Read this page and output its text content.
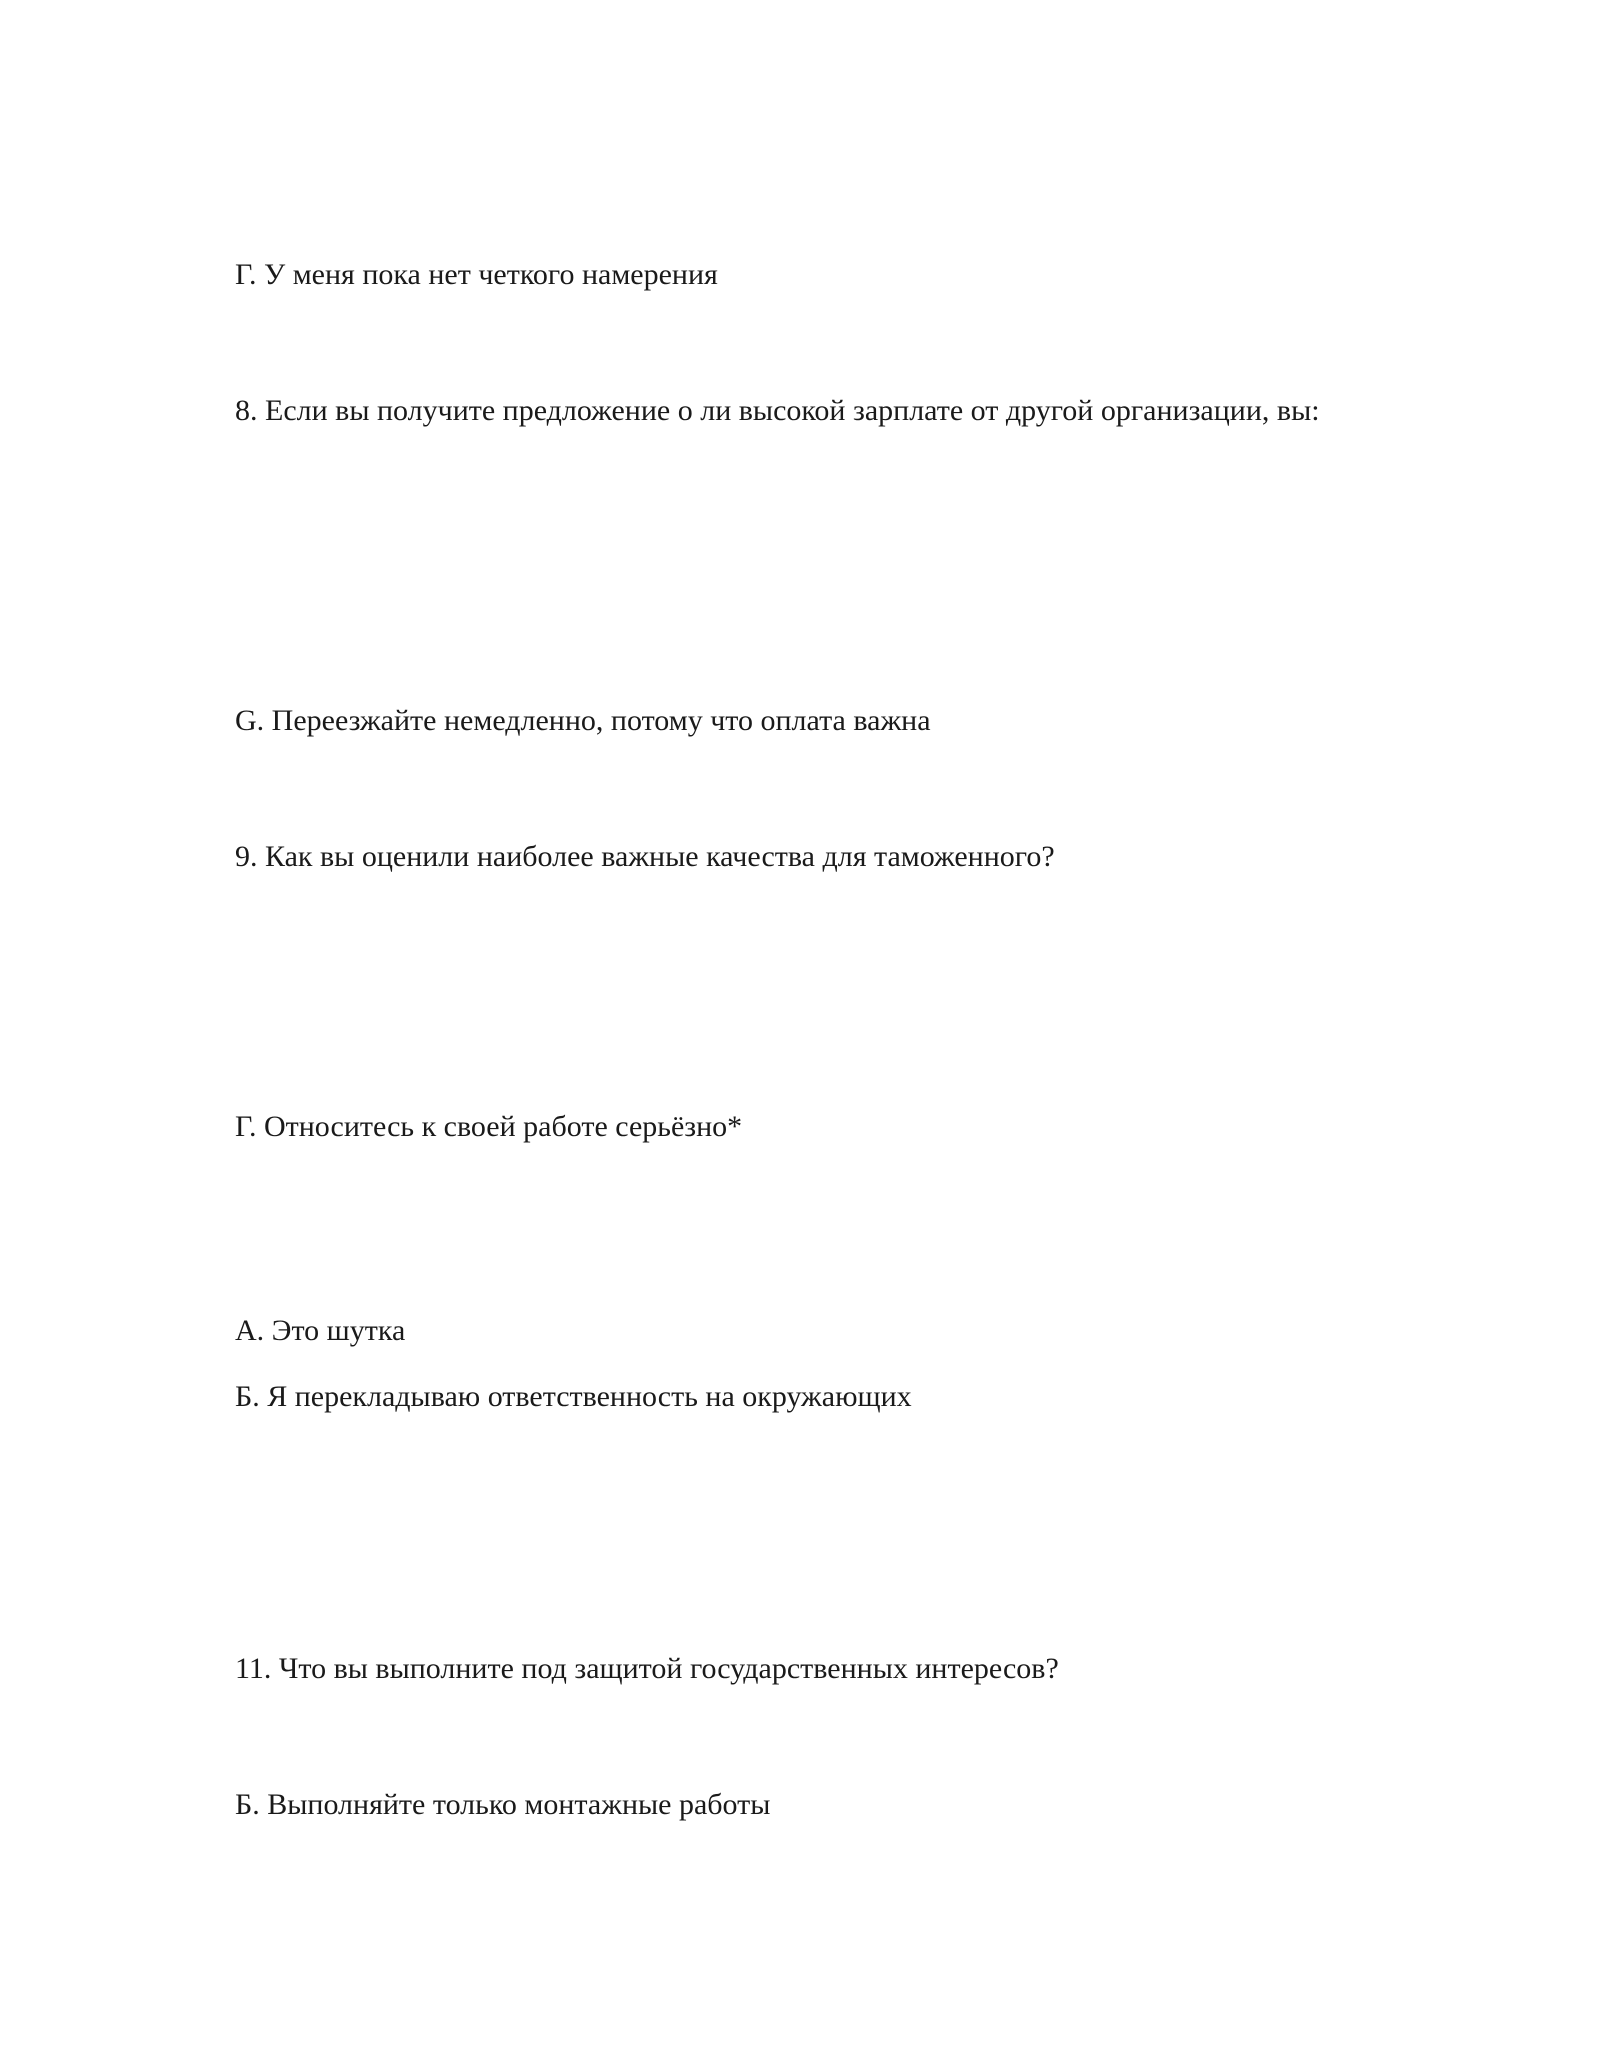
Г. У меня пока нет четкого намерения

8. Если вы получите предложение о ли высокой зарплате от другой организации, вы:

G. Переезжайте немедленно, потому что оплата важна

9. Как вы оценили наиболее важные качества для таможенного?

Г. Относитесь к своей работе серьёзно*

А. Это шутка

Б. Я перекладываю ответственность на окружающих

11. Что вы выполните под защитой государственных интересов?

Б. Выполняйте только монтажные работы
